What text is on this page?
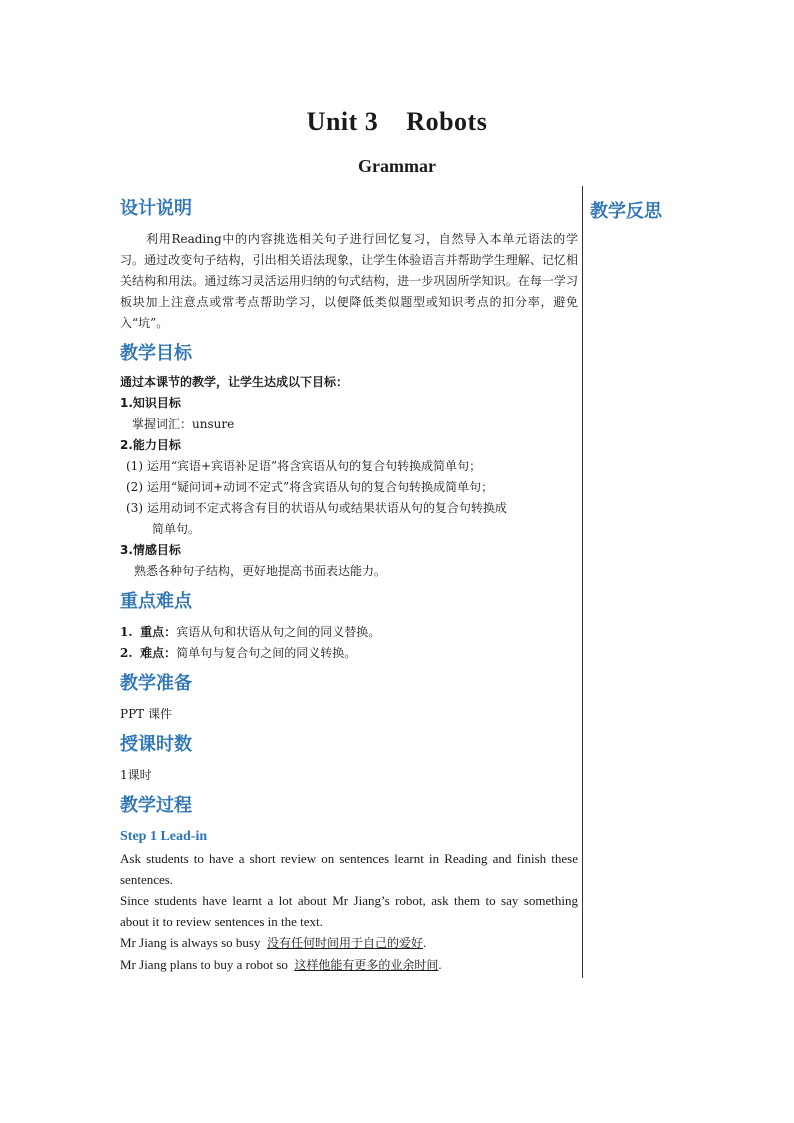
Unit 3 Robots
Grammar
教学反思
设计说明
利用Reading中的内容挑选相关句子进行回忆复习，自然导入本单元语法的学习。通过改变句子结构，引出相关语法现象，让学生体验语言并帮助学生理解、记忆相关结构和用法。通过练习灵活运用归纳的句式结构，进一步巩固所学知识。在每一学习板块加上注意点或常考点帮助学习，以便降低类似题型或知识考点的扣分率，避免入“坑”。
教学目标
通过本课节的教学，让学生达成以下目标：
1.知识目标
掌握词汇：unsure
2.能力目标
(1) 运用“宾语+宾语补足语”将含宾语从句的复合句转换成简单句；
(2) 运用“疑问词+动词不定式”将含宾语从句的复合句转换成简单句；
(3) 运用动词不定式将含有目的状语从句或结果状语从句的复合句转换成
简单句。
3.情感目标
熟悉各种句子结构，更好地提高书面表达能力。
重点难点
1. 重点：宾语从句和状语从句之间的同义替换。
2. 难点：简单句与复合句之间的同义转换。
教学准备
PPT 课件
授课时数
1课时
教学过程
Step 1 Lead-in
Ask students to have a short review on sentences learnt in Reading and finish these sentences.
Since students have learnt a lot about Mr Jiang’s robot, ask them to say something about it to review sentences in the text.
Mr Jiang is always so busy 没有任何时间用于自己的爱好.
Mr Jiang plans to buy a robot so 这样他能有更多的业余时间.
